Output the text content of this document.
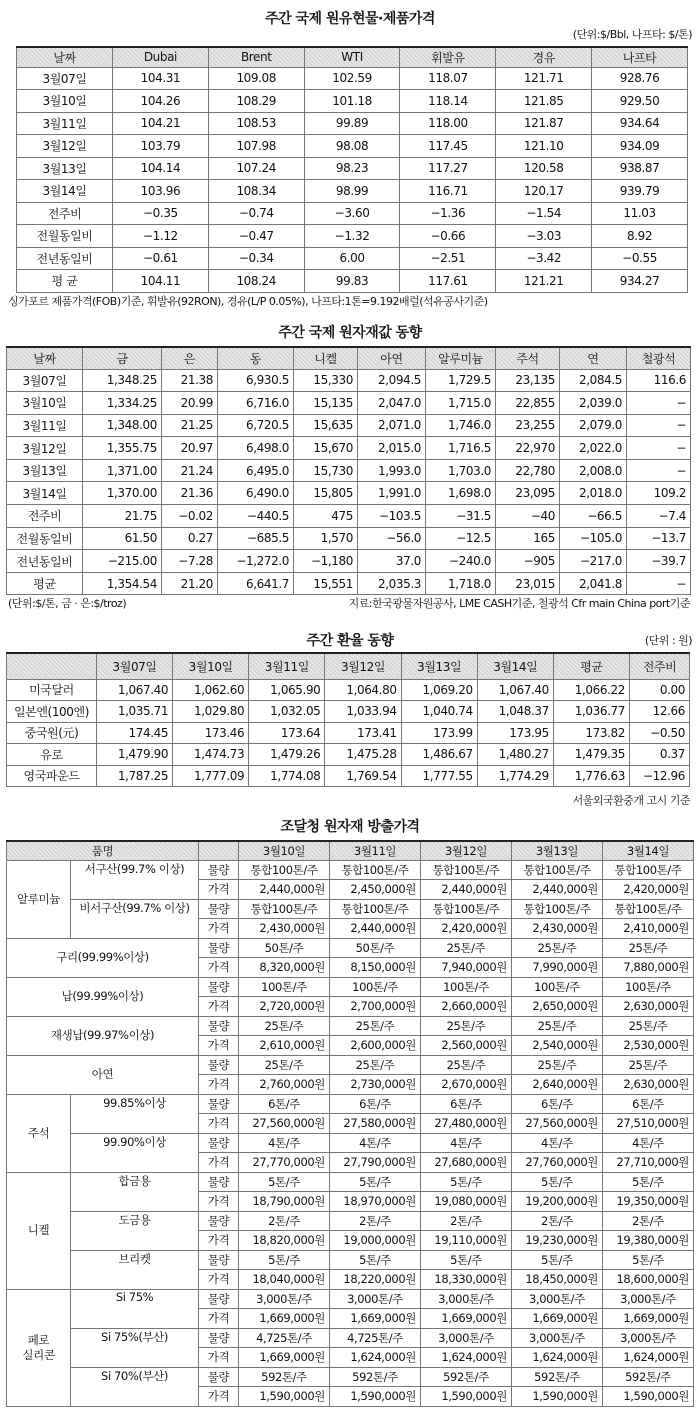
주간 국제 원유현물·제품가격
(단위:$/Bbl, 나프타: $/톤)
날짜	Dubai	Brent	WTI	휘발유	경유	나프타
3월07일	104.31	109.08	102.59	118.07	121.71	928.76
3월10일	104.26	108.29	101.18	118.14	121.85	929.50
3월11일	104.21	108.53	99.89	118.00	121.87	934.64
3월12일	103.79	107.98	98.08	117.45	121.10	934.09
3월13일	104.14	107.24	98.23	117.27	120.58	938.87
3월14일	103.96	108.34	98.99	116.71	120.17	939.79
전주비	−0.35	−0.74	−3.60	−1.36	−1.54	11.03
전월동일비	−1.12	−0.47	−1.32	−0.66	−3.03	8.92
전년동일비	−0.61	−0.34	6.00	−2.51	−3.42	−0.55
평 균	104.11	108.24	99.83	117.61	121.21	934.27
싱가포르 제품가격(FOB)기준, 휘발유(92RON), 경유(L/P 0.05%), 나프타:1톤=9.192배럴(석유공사기준)
주간 국제 원자재값 동향
날짜	금	은	동	니켈	아연	알루미늄	주석	연	철광석
3월07일	1,348.25	21.38	6,930.5	15,330	2,094.5	1,729.5	23,135	2,084.5	116.6
3월10일	1,334.25	20.99	6,716.0	15,135	2,047.0	1,715.0	22,855	2,039.0	−
3월11일	1,348.00	21.25	6,720.5	15,635	2,071.0	1,746.0	23,255	2,079.0	−
3월12일	1,355.75	20.97	6,498.0	15,670	2,015.0	1,716.5	22,970	2,022.0	−
3월13일	1,371.00	21.24	6,495.0	15,730	1,993.0	1,703.0	22,780	2,008.0	−
3월14일	1,370.00	21.36	6,490.0	15,805	1,991.0	1,698.0	23,095	2,018.0	109.2
전주비	21.75	−0.02	−440.5	475	−103.5	−31.5	−40	−66.5	−7.4
전월동일비	61.50	0.27	−685.5	1,570	−56.0	−12.5	165	−105.0	−13.7
전년동일비	−215.00	−7.28	−1,272.0	−1,180	37.0	−240.0	−905	−217.0	−39.7
평균	1,354.54	21.20	6,641.7	15,551	2,035.3	1,718.0	23,015	2,041.8	−
(단위:$/톤, 금 · 은:$/troz)	지료:한국광물자원공사, LME CASH기준, 철광석 Cfr main China port기준
주간 환율 동향	(단위 : 원)
	3월07일	3월10일	3월11일	3월12일	3월13일	3월14일	평균	전주비
미국달러	1,067.40	1,062.60	1,065.90	1,064.80	1,069.20	1,067.40	1,066.22	0.00
일본엔(100엔)	1,035.71	1,029.80	1,032.05	1,033.94	1,040.74	1,048.37	1,036.77	12.66
중국원(元)	174.45	173.46	173.64	173.41	173.99	173.95	173.82	−0.50
유로	1,479.90	1,474.73	1,479.26	1,475.28	1,486.67	1,480.27	1,479.35	0.37
영국파운드	1,787.25	1,777.09	1,774.08	1,769.54	1,777.55	1,774.29	1,776.63	−12.96
서울외국환중개 고시 기준
조달청 원자재 방출가격
품명			3월10일	3월11일	3월12일	3월13일	3월14일
알루미늄	서구산(99.7% 이상)	물량	통합100톤/주	통합100톤/주	통합100톤/주	통합100톤/주	통합100톤/주
		가격	2,440,000원	2,450,000원	2,440,000원	2,440,000원	2,420,000원
	비서구산(99.7% 이상)	물량	통합100톤/주	통합100톤/주	통합100톤/주	통합100톤/주	통합100톤/주
		가격	2,430,000원	2,440,000원	2,420,000원	2,430,000원	2,410,000원
구리(99.99%이상)		물량	50톤/주	50톤/주	25톤/주	25톤/주	25톤/주
		가격	8,320,000원	8,150,000원	7,940,000원	7,990,000원	7,880,000원
납(99.99%이상)		물량	100톤/주	100톤/주	100톤/주	100톤/주	100톤/주
		가격	2,720,000원	2,700,000원	2,660,000원	2,650,000원	2,630,000원
재생납(99.97%이상)		물량	25톤/주	25톤/주	25톤/주	25톤/주	25톤/주
		가격	2,610,000원	2,600,000원	2,560,000원	2,540,000원	2,530,000원
아연		물량	25톤/주	25톤/주	25톤/주	25톤/주	25톤/주
		가격	2,760,000원	2,730,000원	2,670,000원	2,640,000원	2,630,000원
주석	99.85%이상	물량	6톤/주	6톤/주	6톤/주	6톤/주	6톤/주
		가격	27,560,000원	27,580,000원	27,480,000원	27,560,000원	27,510,000원
	99.90%이상	물량	4톤/주	4톤/주	4톤/주	4톤/주	4톤/주
		가격	27,770,000원	27,790,000원	27,680,000원	27,760,000원	27,710,000원
니켈	합금용	물량	5톤/주	5톤/주	5톤/주	5톤/주	5톤/주
		가격	18,790,000원	18,970,000원	19,080,000원	19,200,000원	19,350,000원
	도금용	물량	2톤/주	2톤/주	2톤/주	2톤/주	2톤/주
		가격	18,820,000원	19,000,000원	19,110,000원	19,230,000원	19,380,000원
	브리켓	물량	5톤/주	5톤/주	5톤/주	5톤/주	5톤/주
		가격	18,040,000원	18,220,000원	18,330,000원	18,450,000원	18,600,000원
페로
실리콘	Si 75%	물량	3,000톤/주	3,000톤/주	3,000톤/주	3,000톤/주	3,000톤/주
		가격	1,669,000원	1,669,000원	1,669,000원	1,669,000원	1,669,000원
	Si 75%(부산)	물량	4,725톤/주	4,725톤/주	3,000톤/주	3,000톤/주	3,000톤/주
		가격	1,669,000원	1,624,000원	1,624,000원	1,624,000원	1,624,000원
	Si 70%(부산)	물량	592톤/주	592톤/주	592톤/주	592톤/주	592톤/주
		가격	1,590,000원	1,590,000원	1,590,000원	1,590,000원	1,590,000원
